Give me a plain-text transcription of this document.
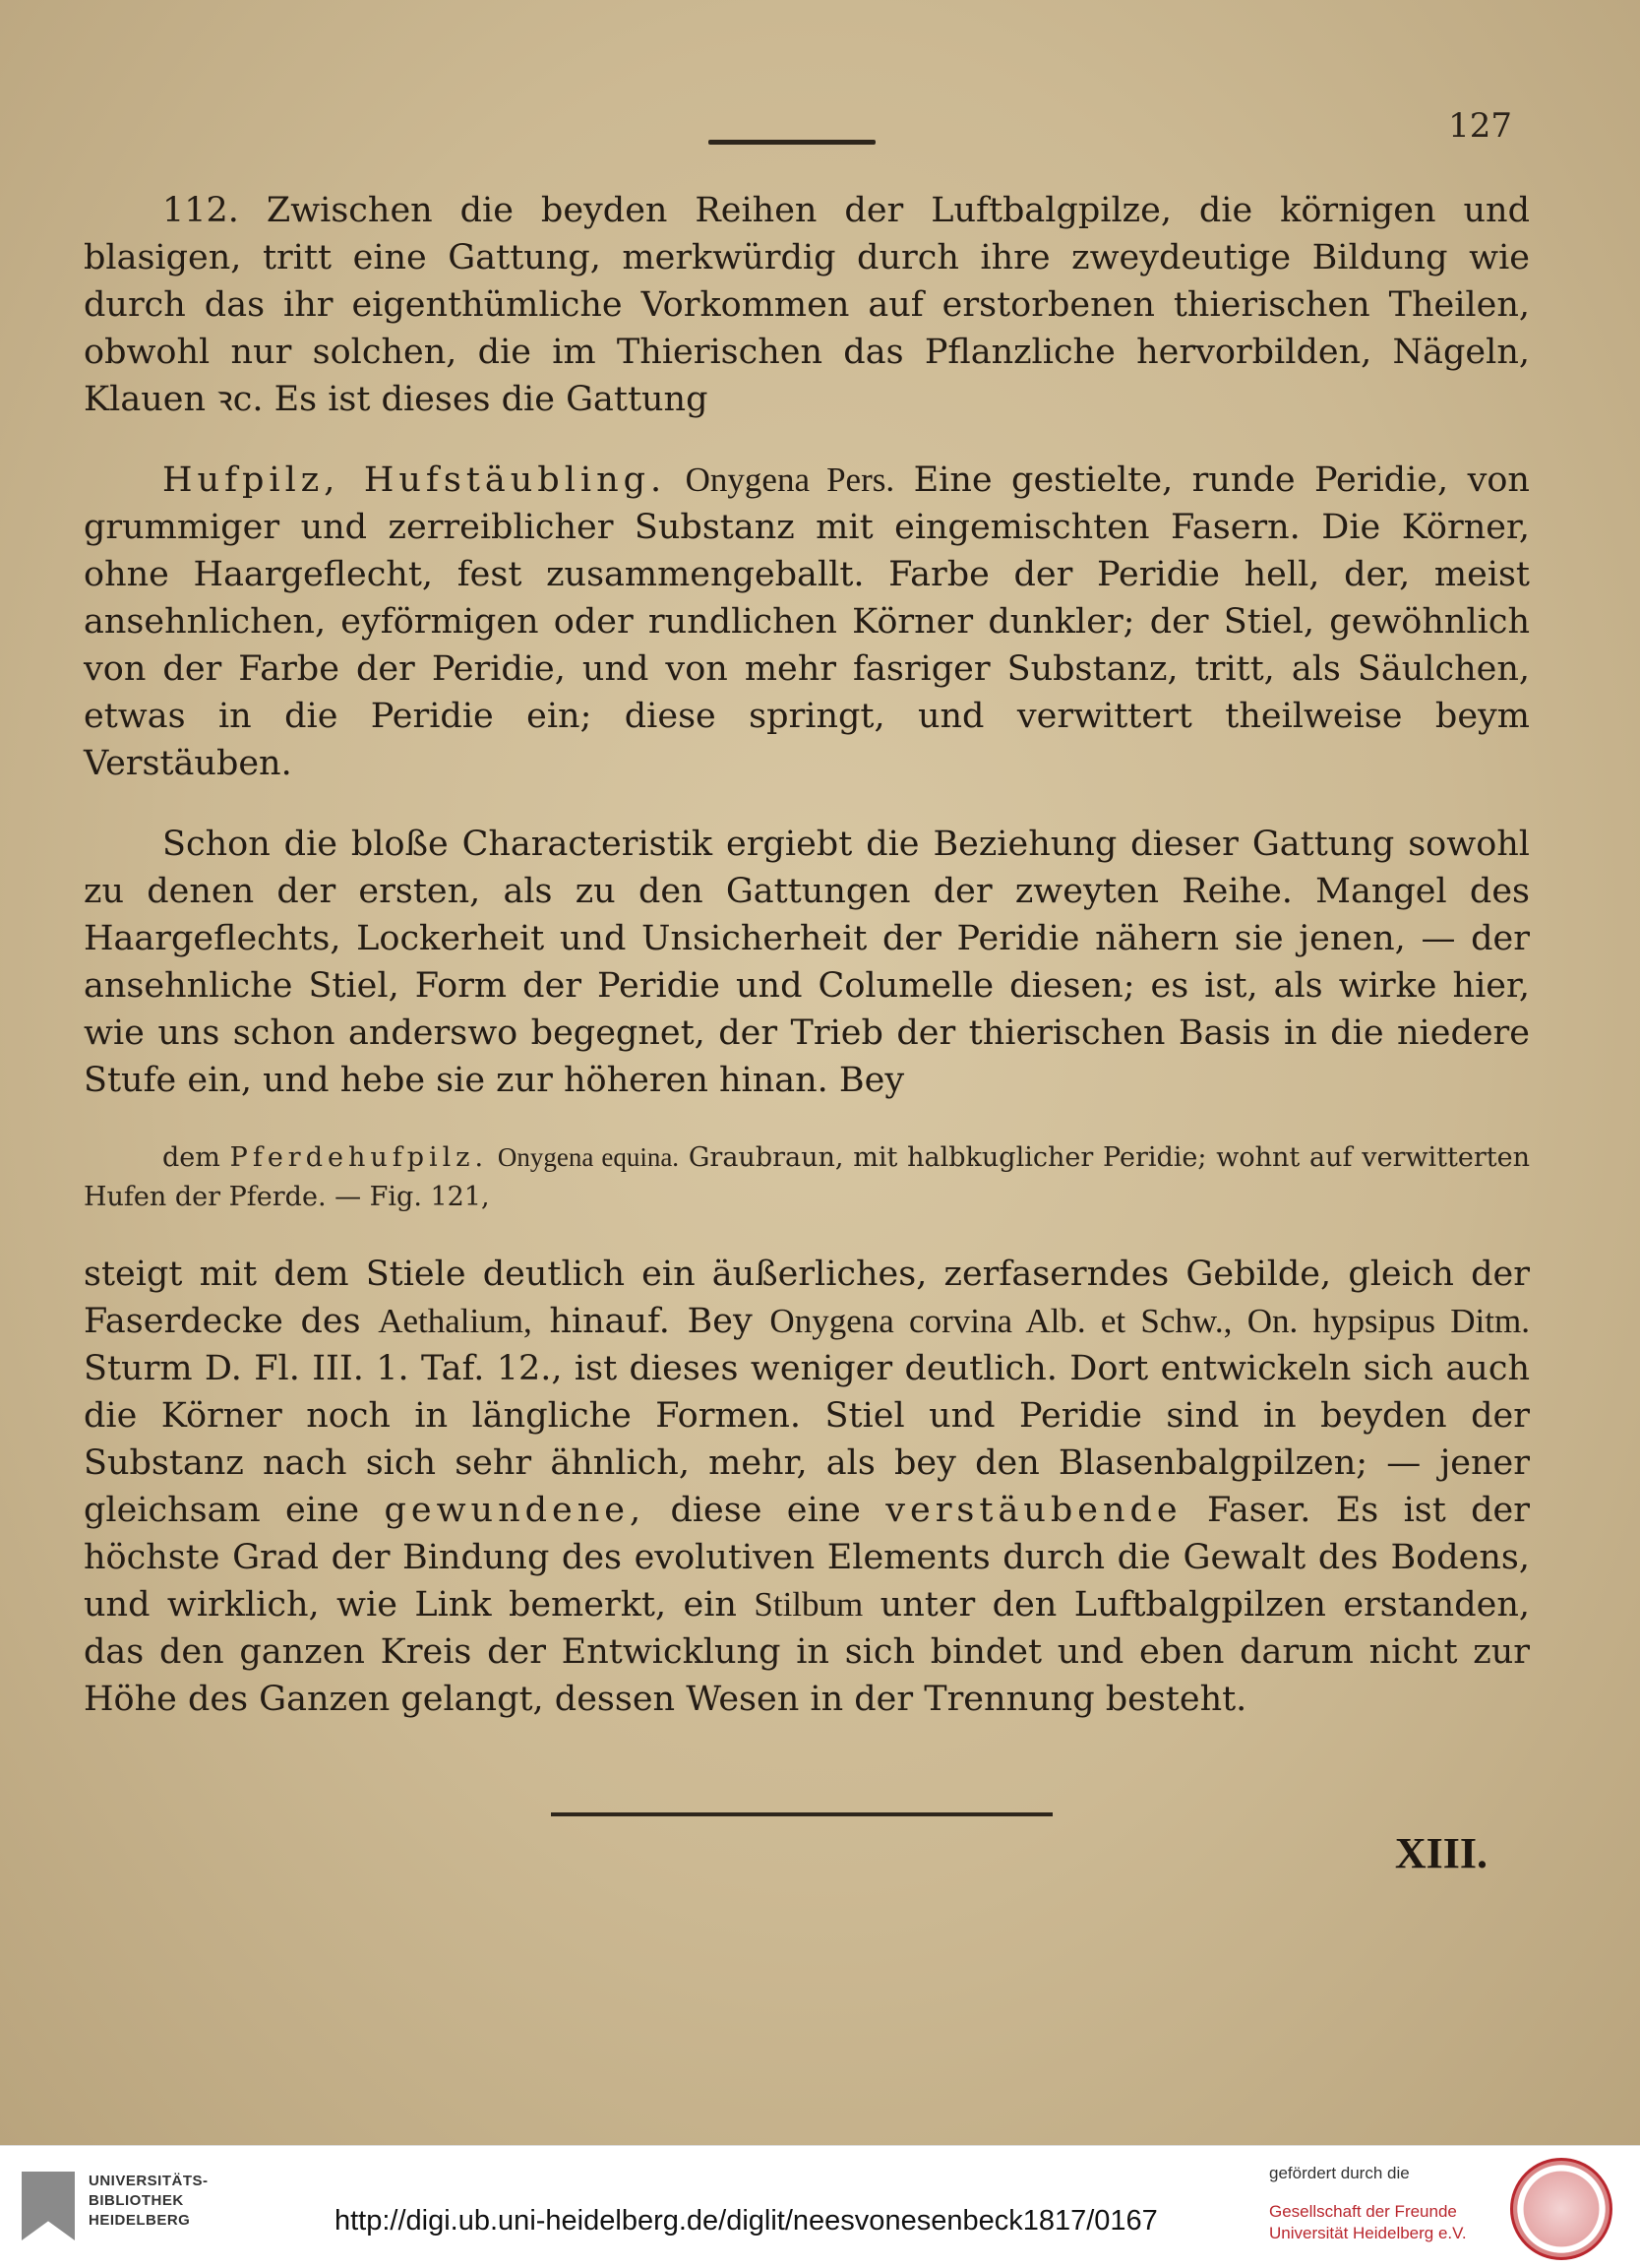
127

112. Zwischen die beyden Reihen der Luftbalgpilze, die körnigen und blasigen, tritt eine Gattung, merkwürdig durch ihre zweydeutige Bildung wie durch das ihr eigenthümliche Vorkommen auf erstorbenen thierischen Theilen, obwohl nur solchen, die im Thierischen das Pflanzliche hervorbilden, Nägeln, Klauen ꝛc. Es ist dieses die Gattung

Hufpilz, Hufstäubling. Onygena Pers. Eine gestielte, runde Peridie, von grummiger und zerreiblicher Substanz mit eingemischten Fasern. Die Körner, ohne Haargeflecht, fest zusammengeballt. Farbe der Peridie hell, der, meist ansehnlichen, eyförmigen oder rundlichen Körner dunkler; der Stiel, gewöhnlich von der Farbe der Peridie, und von mehr fasriger Substanz, tritt, als Säulchen, etwas in die Peridie ein; diese springt, und verwittert theilweise beym Verstäuben.

Schon die bloße Characteristik ergiebt die Beziehung dieser Gattung sowohl zu denen der ersten, als zu den Gattungen der zweyten Reihe. Mangel des Haargeflechts, Lockerheit und Unsicherheit der Peridie nähern sie jenen, — der ansehnliche Stiel, Form der Peridie und Columelle diesen; es ist, als wirke hier, wie uns schon anderswo begegnet, der Trieb der thierischen Basis in die niedere Stufe ein, und hebe sie zur höheren hinan. Bey

dem Pferdehufpilz. Onygena equina. Graubraun, mit halbkuglicher Peridie; wohnt auf verwitterten Hufen der Pferde. — Fig. 121,

steigt mit dem Stiele deutlich ein äußerliches, zerfaserndes Gebilde, gleich der Faserdecke des Aethalium, hinauf. Bey Onygena corvina Alb. et Schw., On. hypsipus Ditm. Sturm D. Fl. III. 1. Taf. 12., ist dieses weniger deutlich. Dort entwickeln sich auch die Körner noch in längliche Formen. Stiel und Peridie sind in beyden der Substanz nach sich sehr ähnlich, mehr, als bey den Blasenbalgpilzen; — jener gleichsam eine gewundene, diese eine verstäubende Faser. Es ist der höchste Grad der Bindung des evolutiven Elements durch die Gewalt des Bodens, und wirklich, wie Link bemerkt, ein Stilbum unter den Luftbalgpilzen erstanden, das den ganzen Kreis der Entwicklung in sich bindet und eben darum nicht zur Höhe des Ganzen gelangt, dessen Wesen in der Trennung besteht.

XIII.
UNIVERSITÄTS-
BIBLIOTHEK
HEIDELBERG	http://digi.ub.uni-heidelberg.de/diglit/neesvonesenbeck1817/0167
gefördert durch die
Gesellschaft der Freunde
Universität Heidelberg e.V.
